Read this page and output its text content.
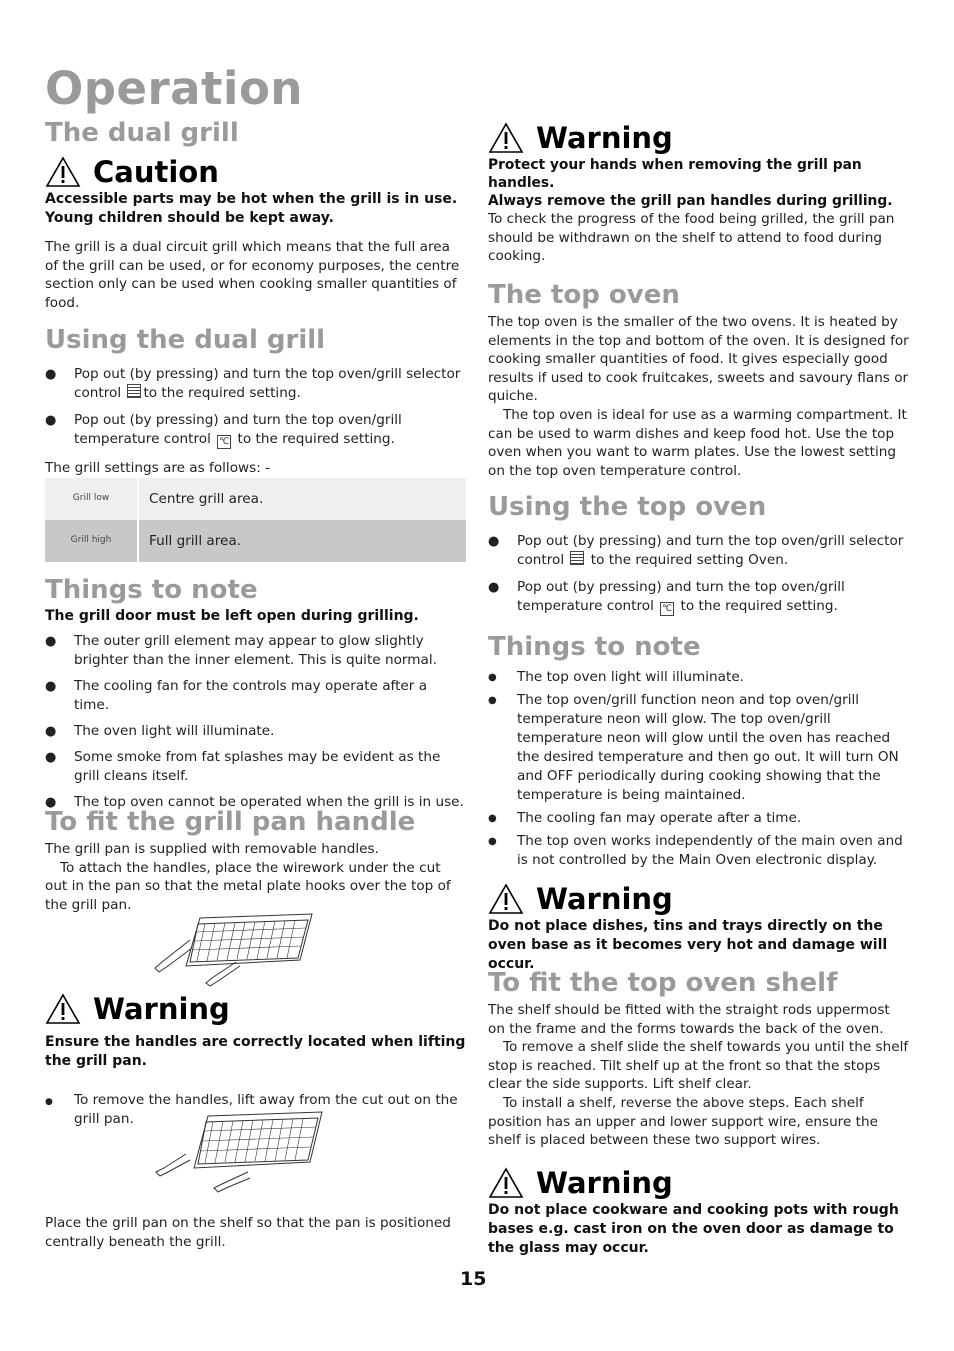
Operation
The dual grill
Caution

Accessible parts may be hot when the grill is in use. Young children should be kept away.

The grill is a dual circuit grill which means that the full area of the grill can be used, or for economy purposes, the centre section only can be used when cooking smaller quantities of food.

Using the dual grill
● Pop out (by pressing) and turn the top oven/grill selector control to the required setting.
● Pop out (by pressing) and turn the top oven/grill temperature control ℃ to the required setting.

The grill settings are as follows: -

Grill low	Centre grill area.
Grill high	Full grill area.
Things to note

The grill door must be left open during grilling.

● The outer grill element may appear to glow slightly brighter than the inner element. This is quite normal.
● The cooling fan for the controls may operate after a time.
● The oven light will illuminate.
● Some smoke from fat splashes may be evident as the grill cleans itself.
● The top oven cannot be operated when the grill is in use.
To fit the grill pan handle

The grill pan is supplied with removable handles.

To attach the handles, place the wirework under the cut out in the pan so that the metal plate hooks over the top of the grill pan.

Warning

Ensure the handles are correctly located when lifting the grill pan.

● To remove the handles, lift away from the cut out on the grill pan.

Place the grill pan on the shelf so that the pan is positioned centrally beneath the grill.

Warning

Protect your hands when removing the grill pan handles.

Always remove the grill pan handles during grilling.

To check the progress of the food being grilled, the grill pan should be withdrawn on the shelf to attend to food during cooking.

The top oven

The top oven is the smaller of the two ovens. It is heated by elements in the top and bottom of the oven. It is designed for cooking smaller quantities of food. It gives especially good results if used to cook fruitcakes, sweets and savoury flans or quiche.

The top oven is ideal for use as a warming compartment. It can be used to warm dishes and keep food hot. Use the top oven when you want to warm plates. Use the lowest setting on the top oven temperature control.

Using the top oven
● Pop out (by pressing) and turn the top oven/grill selector control to the required setting Oven.
● Pop out (by pressing) and turn the top oven/grill temperature control ℃ to the required setting.
Things to note
● The top oven light will illuminate.
● The top oven/grill function neon and top oven/grill temperature neon will glow. The top oven/grill temperature neon will glow until the oven has reached the desired temperature and then go out. It will turn ON and OFF periodically during cooking showing that the temperature is being maintained.
● The cooling fan may operate after a time.
● The top oven works independently of the main oven and is not controlled by the Main Oven electronic display.
Warning

Do not place dishes, tins and trays directly on the oven base as it becomes very hot and damage will occur.

To fit the top oven shelf

The shelf should be fitted with the straight rods uppermost on the frame and the forms towards the back of the oven.

To remove a shelf slide the shelf towards you until the shelf stop is reached. Tilt shelf up at the front so that the stops clear the side supports. Lift shelf clear.

To install a shelf, reverse the above steps. Each shelf position has an upper and lower support wire, ensure the shelf is placed between these two support wires.

Warning

Do not place cookware and cooking pots with rough bases e.g. cast iron on the oven door as damage to the glass may occur.

15
